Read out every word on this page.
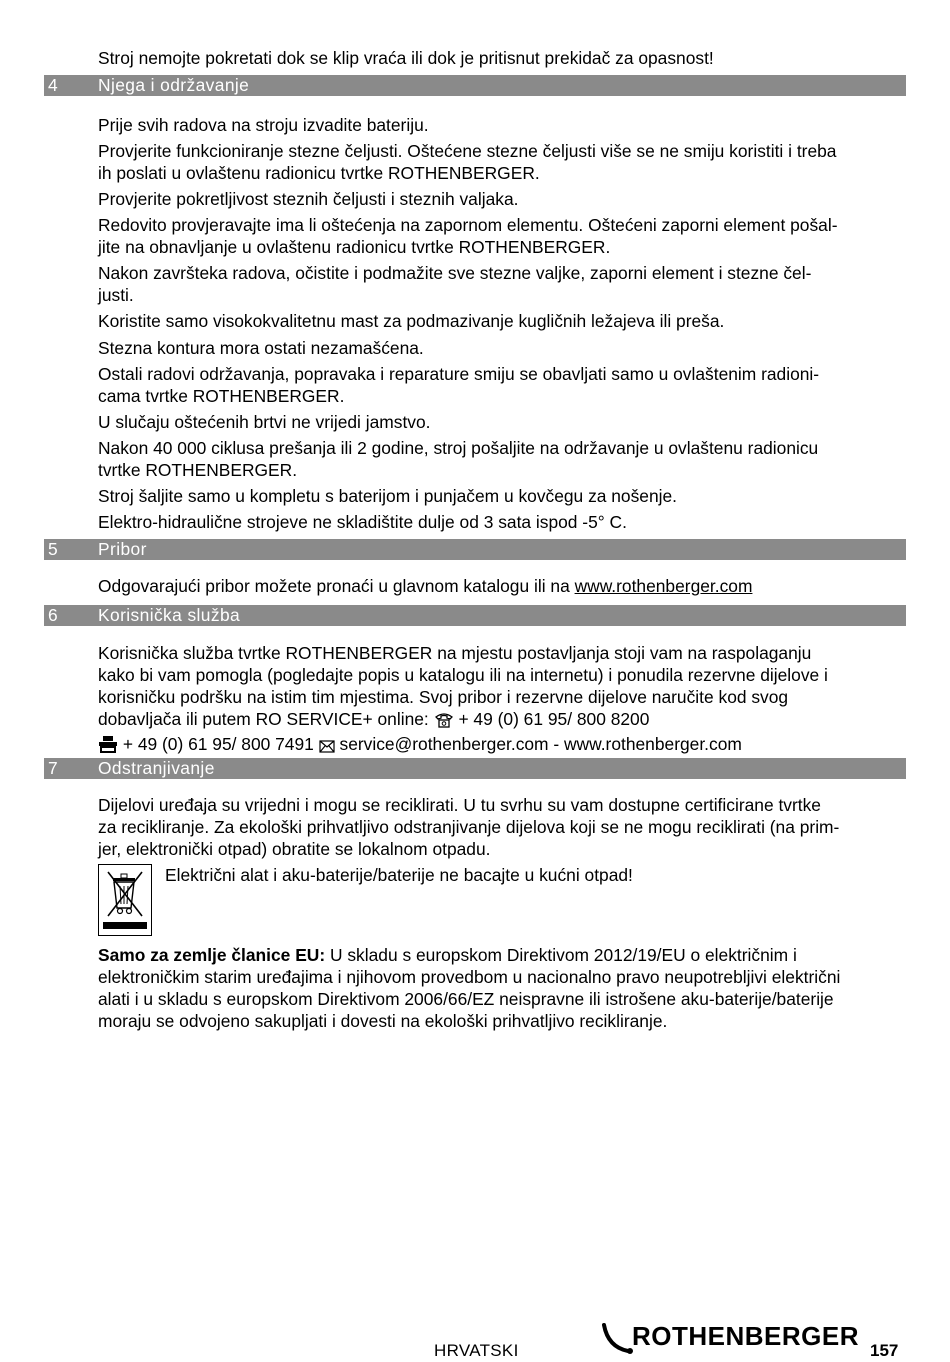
Stroj nemojte pokretati dok se klip vraća ili dok je pritisnut prekidač za opasnost!

4 Njega i održavanje

Prije svih radova na stroju izvadite bateriju.

Provjerite funkcioniranje stezne čeljusti. Oštećene stezne čeljusti više se ne smiju koristiti i treba
ih poslati u ovlaštenu radionicu tvrtke ROTHENBERGER.

Provjerite pokretljivost steznih čeljusti i steznih valjaka.

Redovito provjeravajte ima li oštećenja na zapornom elementu. Oštećeni zaporni element pošal-
jite na obnavljanje u ovlaštenu radionicu tvrtke ROTHENBERGER.

Nakon završteka radova, očistite i podmažite sve stezne valjke, zaporni element i stezne čel-
justi.

Koristite samo visokokvalitetnu mast za podmazivanje kugličnih ležajeva ili preša.

Stezna kontura mora ostati nezamašćena.

Ostali radovi održavanja, popravaka i reparature smiju se obavljati samo u ovlaštenim radioni-
cama tvrtke ROTHENBERGER.

U slučaju oštećenih brtvi ne vrijedi jamstvo.

Nakon 40 000 ciklusa prešanja ili 2 godine, stroj pošaljite na održavanje u ovlaštenu radionicu
tvrtke ROTHENBERGER.

Stroj šaljite samo u kompletu s baterijom i punjačem u kovčegu za nošenje.

Elektro-hidraulične strojeve ne skladištite dulje od 3 sata ispod -5° C.

5 Pribor

Odgovarajući pribor možete pronaći u glavnom katalogu ili na www.rothenberger.com

6 Korisnička služba

Korisnička služba tvrtke ROTHENBERGER na mjestu postavljanja stoji vam na raspolaganju
kako bi vam pomogla (pogledajte popis u katalogu ili na internetu) i ponudila rezervne dijelove i
korisničku podršku na istim tim mjestima. Svoj pribor i rezervne dijelove naručite kod svog
dobavljača ili putem RO SERVICE+ online:  + 49 (0) 61 95/ 800 8200
+ 49 (0) 61 95/ 800 7491 service@rothenberger.com - www.rothenberger.com

7 Odstranjivanje

Dijelovi uređaja su vrijedni i mogu se reciklirati. U tu svrhu su vam dostupne certificirane tvrtke
za recikliranje. Za ekološki prihvatljivo odstranjivanje dijelova koji se ne mogu reciklirati (na prim-
jer, elektronički otpad) obratite se lokalnom otpadu.

Električni alat i aku-baterije/baterije ne bacajte u kućni otpad!

Samo za zemlje članice EU: U skladu s europskom Direktivom 2012/19/EU o električnim i
elektroničkim starim uređajima i njihovom provedbom u nacionalno pravo neupotrebljivi električni
alati i u skladu s europskom Direktivom 2006/66/EZ neispravne ili istrošene aku-baterije/baterije
moraju se odvojeno sakupljati i dovesti na ekološki prihvatljivo recikliranje.

HRVATSKI	ROTHENBERGER 157
